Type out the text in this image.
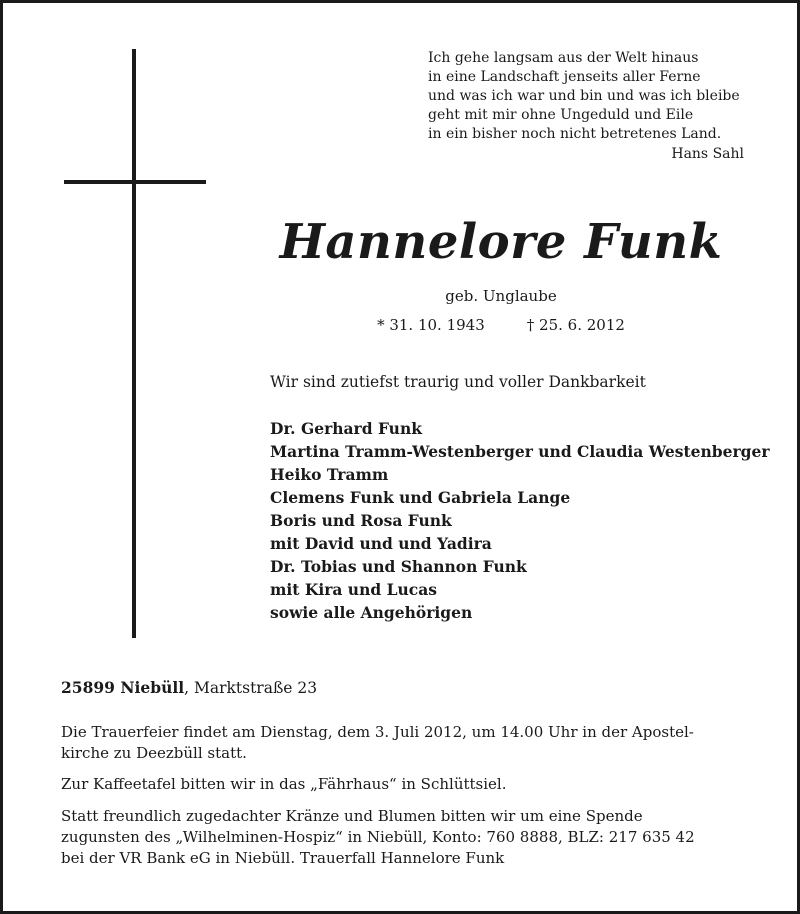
Ich gehe langsam aus der Welt hinaus
in eine Landschaft jenseits aller Ferne
und was ich war und bin und was ich bleibe
geht mit mir ohne Ungeduld und Eile
in ein bisher noch nicht betretenes Land.
Hans Sahl
Hannelore Funk
geb. Unglaube
* 31. 10. 1943	† 25. 6. 2012
Wir sind zutiefst traurig und voller Dankbarkeit
Dr. Gerhard Funk
Martina Tramm-Westenberger und Claudia Westenberger
Heiko Tramm
Clemens Funk und Gabriela Lange
Boris und Rosa Funk
mit David und und Yadira
Dr. Tobias und Shannon Funk
mit Kira und Lucas
sowie alle Angehörigen
25899 Niebüll, Marktstraße 23
Die Trauerfeier findet am Dienstag, dem 3. Juli 2012, um 14.00 Uhr in der Apostel-
kirche zu Deezbüll statt.
Zur Kaffeetafel bitten wir in das „Fährhaus“ in Schlüttsiel.
Statt freundlich zugedachter Kränze und Blumen bitten wir um eine Spende
zugunsten des „Wilhelminen-Hospiz“ in Niebüll, Konto: 760 8888, BLZ: 217 635 42
bei der VR Bank eG in Niebüll. Trauerfall Hannelore Funk
